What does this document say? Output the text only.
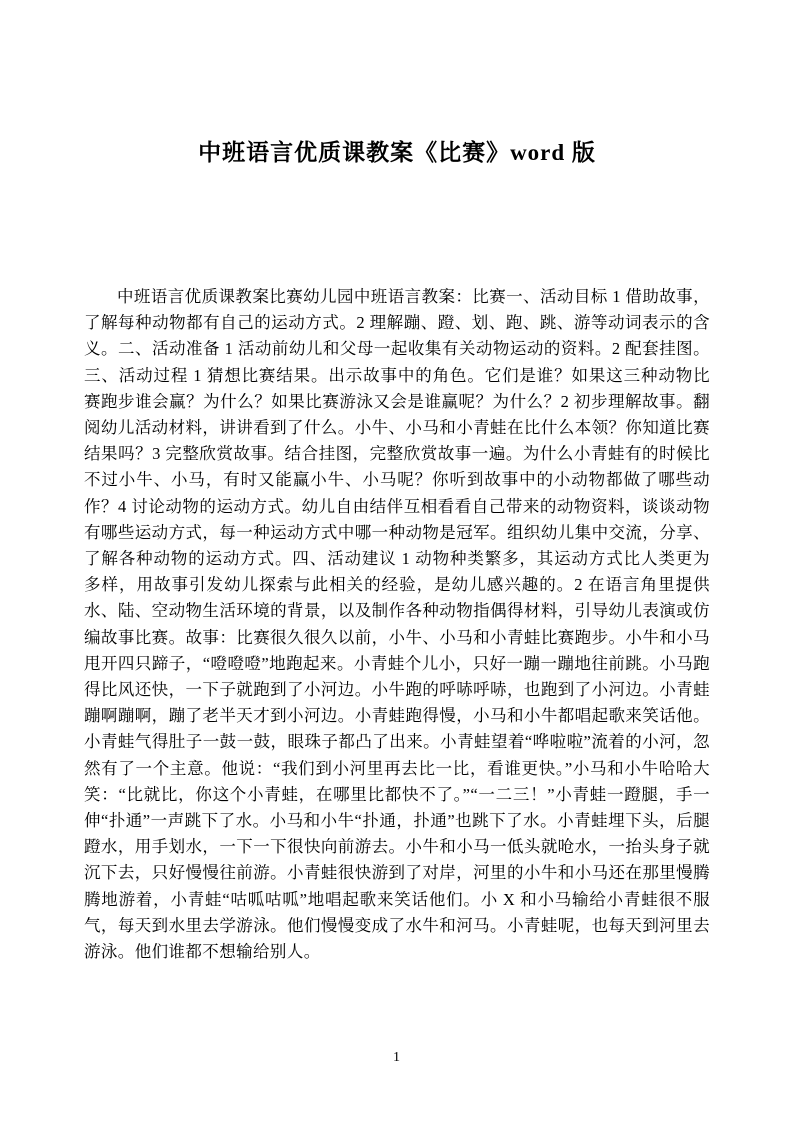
中班语言优质课教案《比赛》word 版

中班语言优质课教案比赛幼儿园中班语言教案：比赛一、活动目标 1 借助故事，了解每种动物都有自己的运动方式。2 理解蹦、蹬、划、跑、跳、游等动词表示的含义。二、活动准备 1 活动前幼儿和父母一起收集有关动物运动的资料。2 配套挂图。三、活动过程 1 猜想比赛结果。出示故事中的角色。它们是谁？如果这三种动物比赛跑步谁会赢？为什么？如果比赛游泳又会是谁赢呢？为什么？2 初步理解故事。翻阅幼儿活动材料，讲讲看到了什么。小牛、小马和小青蛙在比什么本领？你知道比赛结果吗？3 完整欣赏故事。结合挂图，完整欣赏故事一遍。为什么小青蛙有的时候比不过小牛、小马，有时又能赢小牛、小马呢？你听到故事中的小动物都做了哪些动作？4 讨论动物的运动方式。幼儿自由结伴互相看看自己带来的动物资料，谈谈动物有哪些运动方式，每一种运动方式中哪一种动物是冠军。组织幼儿集中交流，分享、了解各种动物的运动方式。四、活动建议 1 动物种类繁多，其运动方式比人类更为多样，用故事引发幼儿探索与此相关的经验，是幼儿感兴趣的。2 在语言角里提供水、陆、空动物生活环境的背景，以及制作各种动物指偶得材料，引导幼儿表演或仿编故事比赛。故事：比赛很久很久以前，小牛、小马和小青蛙比赛跑步。小牛和小马甩开四只蹄子，“噔噔噔”地跑起来。小青蛙个儿小，只好一蹦一蹦地往前跳。小马跑得比风还快，一下子就跑到了小河边。小牛跑的呼哧呼哧，也跑到了小河边。小青蛙蹦啊蹦啊，蹦了老半天才到小河边。小青蛙跑得慢，小马和小牛都唱起歌来笑话他。小青蛙气得肚子一鼓一鼓，眼珠子都凸了出来。小青蛙望着“哗啦啦”流着的小河，忽然有了一个主意。他说：“我们到小河里再去比一比，看谁更快。”小马和小牛哈哈大笑：“比就比，你这个小青蛙，在哪里比都快不了。”“一二三！”小青蛙一蹬腿，手一伸“扑通”一声跳下了水。小马和小牛“扑通，扑通”也跳下了水。小青蛙埋下头，后腿蹬水，用手划水，一下一下很快向前游去。小牛和小马一低头就呛水，一抬头身子就沉下去，只好慢慢往前游。小青蛙很快游到了对岸，河里的小牛和小马还在那里慢腾腾地游着，小青蛙“咕呱咕呱”地唱起歌来笑话他们。小 X 和小马输给小青蛙很不服气，每天到水里去学游泳。他们慢慢变成了水牛和河马。小青蛙呢，也每天到河里去游泳。他们谁都不想输给别人。

1
